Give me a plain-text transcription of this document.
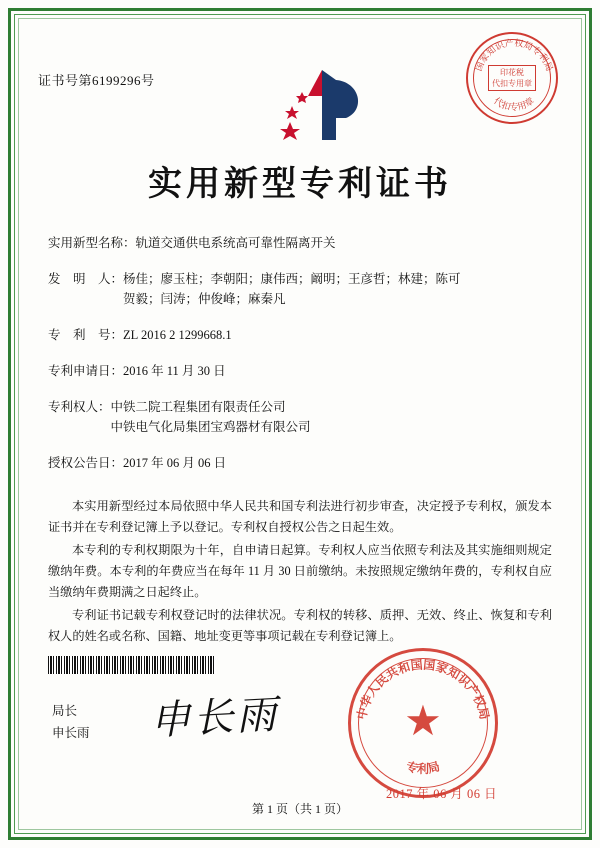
国家知识产权局专利局
代扣专用章
印花税
代扣专用章
证书号第6199296号
实用新型专利证书
实用新型名称： 轨道交通供电系统高可靠性隔离开关
发　明　人： 杨佳；廖玉柱；李朝阳；康伟西；阚明；王彦哲；林建；陈可
贺毅；闫涛；仲俊峰；麻秦凡
专　利　号： ZL 2016 2 1299668.1
专利申请日： 2016 年 11 月 30 日
专利权人： 中铁二院工程集团有限责任公司
中铁电气化局集团宝鸡器材有限公司
授权公告日： 2017 年 06 月 06 日

本实用新型经过本局依照中华人民共和国专利法进行初步审查，决定授予专利权，颁发本证书并在专利登记簿上予以登记。专利权自授权公告之日起生效。

本专利的专利权期限为十年，自申请日起算。专利权人应当依照专利法及其实施细则规定缴纳年费。本专利的年费应当在每年 11 月 30 日前缴纳。未按照规定缴纳年费的，专利权自应当缴纳年费期满之日起终止。

专利证书记载专利权登记时的法律状况。专利权的转移、质押、无效、终止、恢复和专利权人的姓名或名称、国籍、地址变更等事项记载在专利登记簿上。

局长
申长雨 申长雨	中华人民共和国国家知识产权局
专利局
★
2017 年 06 月 06 日
第 1 页（共 1 页）
